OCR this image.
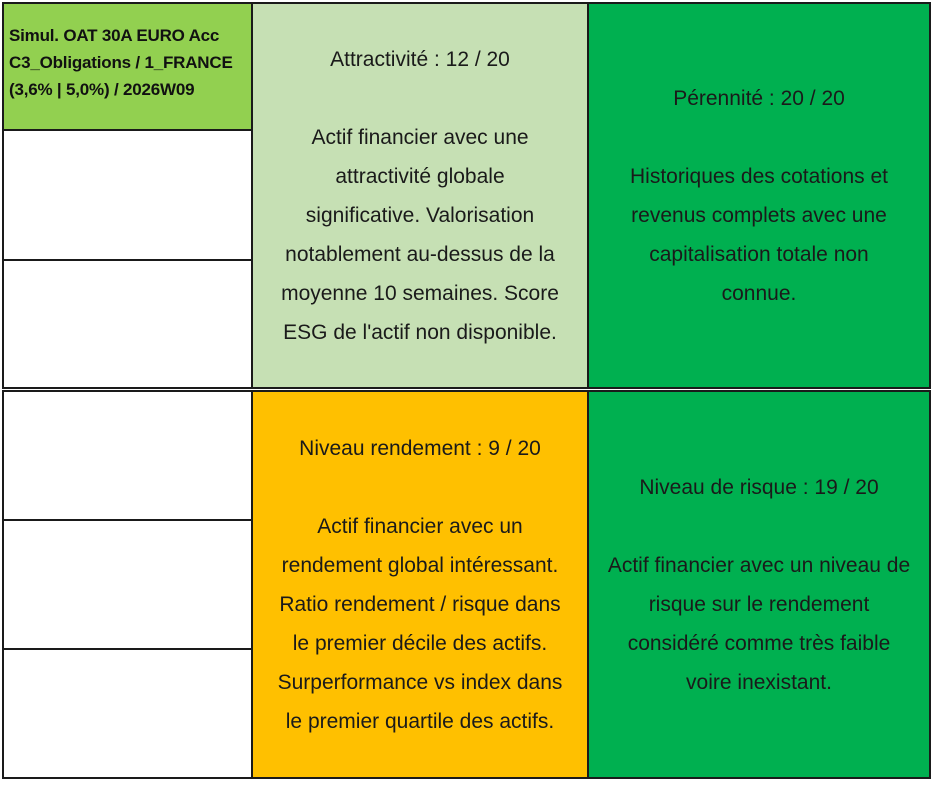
Simul. OAT 30A EURO Acc
C3_Obligations / 1_FRANCE
(3,6% | 5,0%) / 2026W09
Attractivité : 12 / 20
Actif financier avec une
attractivité globale
significative. Valorisation
notablement au-dessus de la
moyenne 10 semaines. Score
ESG de l'actif non disponible.
Pérennité : 20 / 20
Historiques des cotations et
revenus complets avec une
capitalisation totale non
connue.
Niveau rendement : 9 / 20
Actif financier avec un
rendement global intéressant.
Ratio rendement / risque dans
le premier décile des actifs.
Surperformance vs index dans
le premier quartile des actifs.
Niveau de risque : 19 / 20
Actif financier avec un niveau de
risque sur le rendement
considéré comme très faible
voire inexistant.
